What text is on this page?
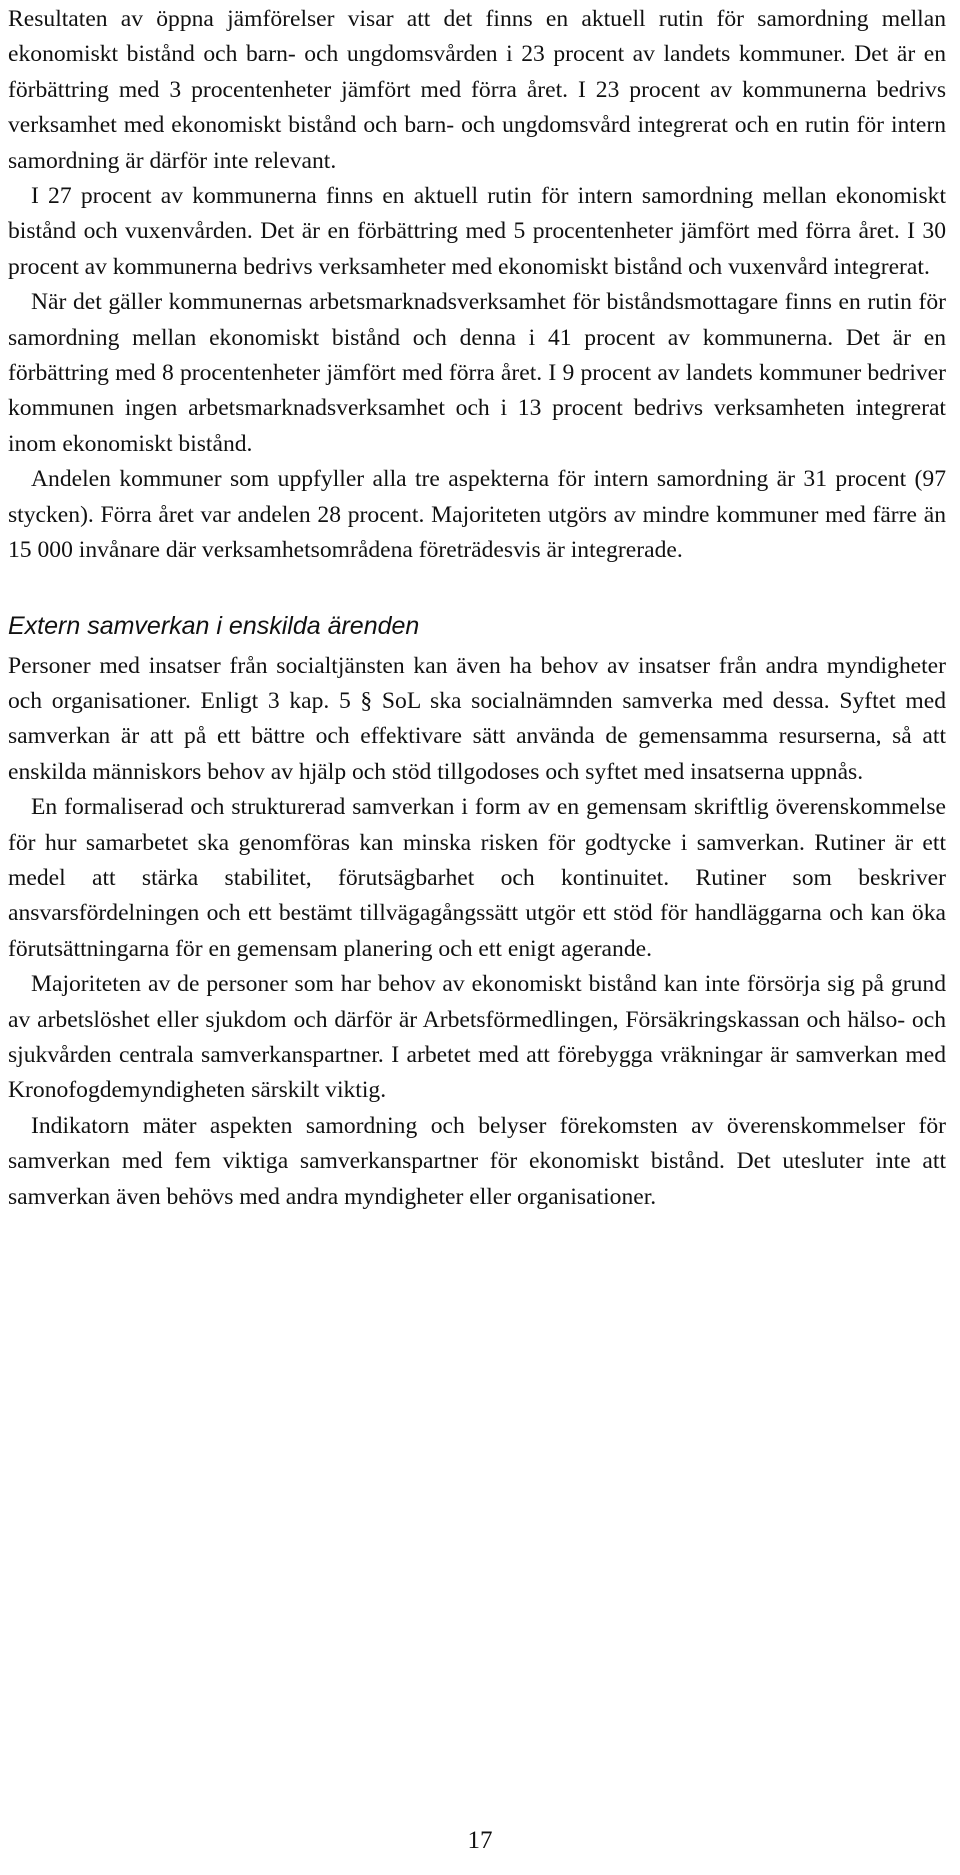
Resultaten av öppna jämförelser visar att det finns en aktuell rutin för samordning mellan ekonomiskt bistånd och barn- och ungdomsvården i 23 procent av landets kommuner. Det är en förbättring med 3 procentenheter jämfört med förra året. I 23 procent av kommunerna bedrivs verksamhet med ekonomiskt bistånd och barn- och ungdomsvård integrerat och en rutin för intern samordning är därför inte relevant.

I 27 procent av kommunerna finns en aktuell rutin för intern samordning mellan ekonomiskt bistånd och vuxenvården. Det är en förbättring med 5 procentenheter jämfört med förra året. I 30 procent av kommunerna bedrivs verksamheter med ekonomiskt bistånd och vuxenvård integrerat.

När det gäller kommunernas arbetsmarknadsverksamhet för biståndsmottagare finns en rutin för samordning mellan ekonomiskt bistånd och denna i 41 procent av kommunerna. Det är en förbättring med 8 procentenheter jämfört med förra året. I 9 procent av landets kommuner bedriver kommunen ingen arbetsmarknadsverksamhet och i 13 procent bedrivs verksamheten integrerat inom ekonomiskt bistånd.

Andelen kommuner som uppfyller alla tre aspekterna för intern samordning är 31 procent (97 stycken). Förra året var andelen 28 procent. Majoriteten utgörs av mindre kommuner med färre än 15 000 invånare där verksamhetsområdena företrädesvis är integrerade.

Extern samverkan i enskilda ärenden

Personer med insatser från socialtjänsten kan även ha behov av insatser från andra myndigheter och organisationer. Enligt 3 kap. 5 § SoL ska socialnämnden samverka med dessa. Syftet med samverkan är att på ett bättre och effektivare sätt använda de gemensamma resurserna, så att enskilda människors behov av hjälp och stöd tillgodoses och syftet med insatserna uppnås.

En formaliserad och strukturerad samverkan i form av en gemensam skriftlig överenskommelse för hur samarbetet ska genomföras kan minska risken för godtycke i samverkan. Rutiner är ett medel att stärka stabilitet, förutsägbarhet och kontinuitet. Rutiner som beskriver ansvarsfördelningen och ett bestämt tillvägagångssätt utgör ett stöd för handläggarna och kan öka förutsättningarna för en gemensam planering och ett enigt agerande.

Majoriteten av de personer som har behov av ekonomiskt bistånd kan inte försörja sig på grund av arbetslöshet eller sjukdom och därför är Arbetsförmedlingen, Försäkringskassan och hälso- och sjukvården centrala samverkanspartner. I arbetet med att förebygga vräkningar är samverkan med Kronofogdemyndigheten särskilt viktig.

Indikatorn mäter aspekten samordning och belyser förekomsten av överenskommelser för samverkan med fem viktiga samverkanspartner för ekonomiskt bistånd. Det utesluter inte att samverkan även behövs med andra myndigheter eller organisationer.

17
